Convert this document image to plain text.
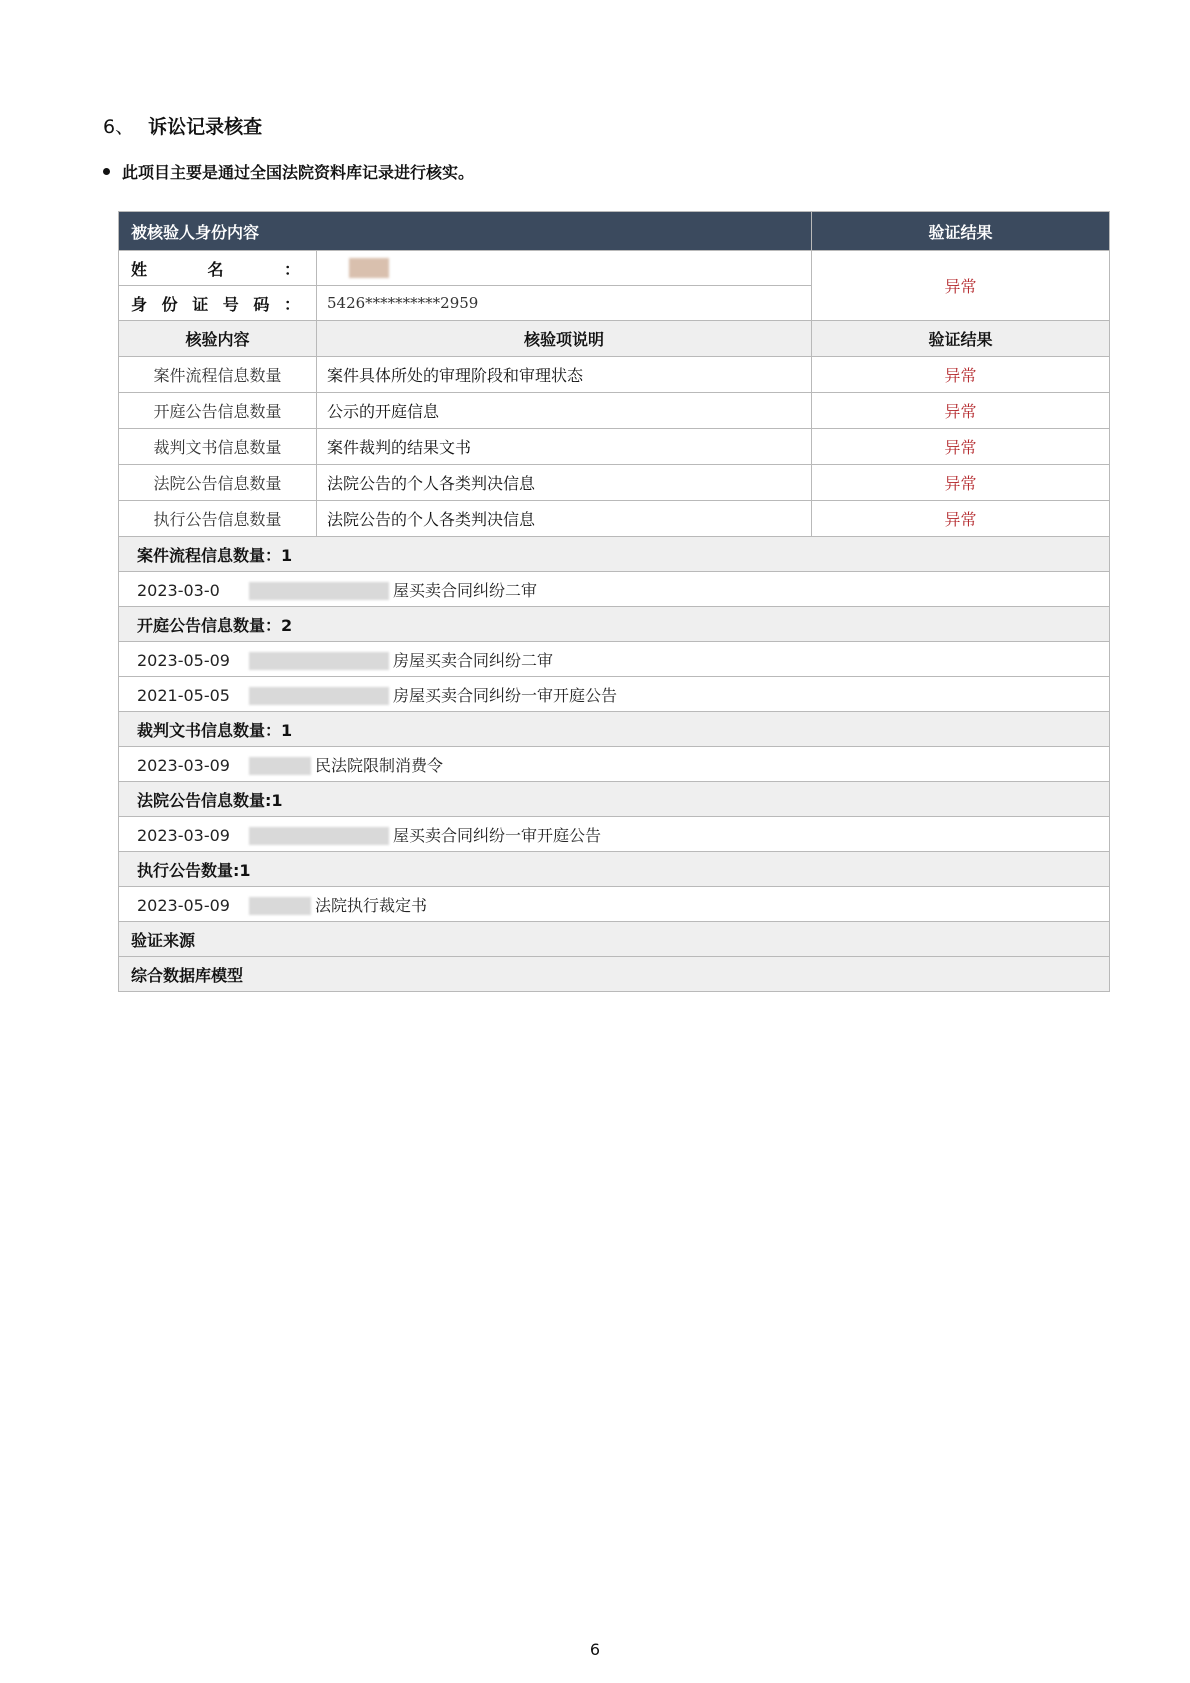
6、 诉讼记录核查
此项目主要是通过全国法院资料库记录进行核实。
被核验人身份内容		验证结果
姓 名 ：		异常
身 份 证 号 码 ：	5426**********2959	
核验内容	核验项说明	验证结果
案件流程信息数量	案件具体所处的审理阶段和审理状态	异常
开庭公告信息数量	公示的开庭信息	异常
裁判文书信息数量	案件裁判的结果文书	异常
法院公告信息数量	法院公告的个人各类判决信息	异常
执行公告信息数量	法院公告的个人各类判决信息	异常
案件流程信息数量：1		
2023-03-0 屋买卖合同纠纷二审		
开庭公告信息数量：2		
2023-05-09 房屋买卖合同纠纷二审		
2021-05-05 房屋买卖合同纠纷一审开庭公告		
裁判文书信息数量：1		
2023-03-09 民法院限制消费令		
法院公告信息数量:1		
2023-03-09 屋买卖合同纠纷一审开庭公告		
执行公告数量:1		
2023-05-09 法院执行裁定书		
验证来源		
综合数据库模型		
6
